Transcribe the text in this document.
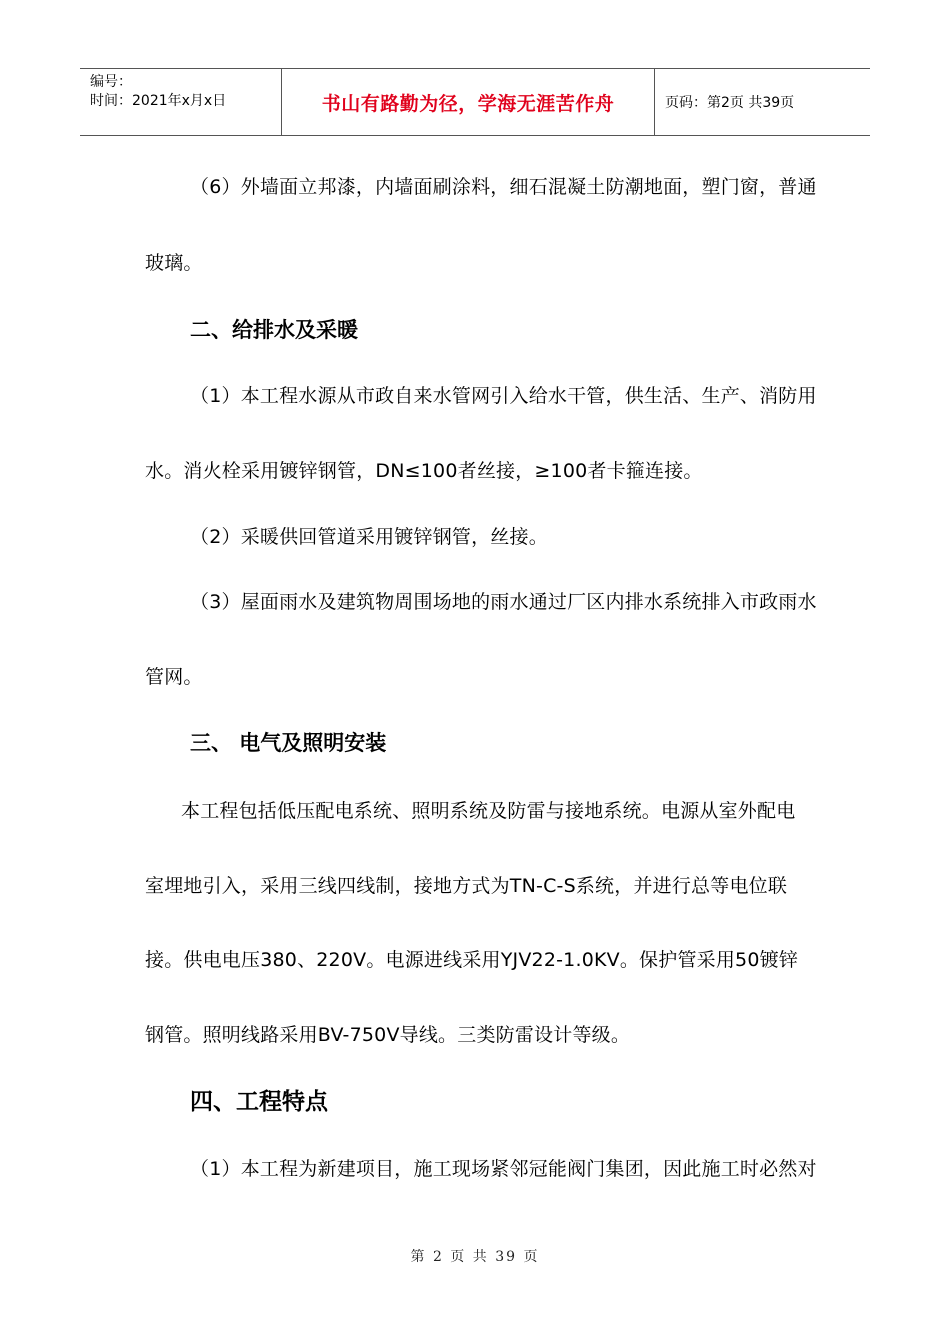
编号：
时间：2021年x月x日	书山有路勤为径，学海无涯苦作舟	页码：第2页 共39页
（6）外墙面立邦漆，内墙面刷涂料，细石混凝土防潮地面，塑门窗，普通
玻璃。
二、给排水及采暖
（1）本工程水源从市政自来水管网引入给水干管，供生活、生产、消防用
水。消火栓采用镀锌钢管，DN≤100者丝接，≥100者卡箍连接。
（2）采暖供回管道采用镀锌钢管，丝接。
（3）屋面雨水及建筑物周围场地的雨水通过厂区内排水系统排入市政雨水
管网。
三、 电气及照明安装
本工程包括低压配电系统、照明系统及防雷与接地系统。电源从室外配电
室埋地引入，采用三线四线制，接地方式为TN-C-S系统，并进行总等电位联
接。供电电压380、220V。电源进线采用YJV22-1.0KV。保护管采用50镀锌
钢管。照明线路采用BV-750V导线。三类防雷设计等级。
四、工程特点
（1）本工程为新建项目，施工现场紧邻冠能阀门集团，因此施工时必然对
第 2 页 共 39 页
